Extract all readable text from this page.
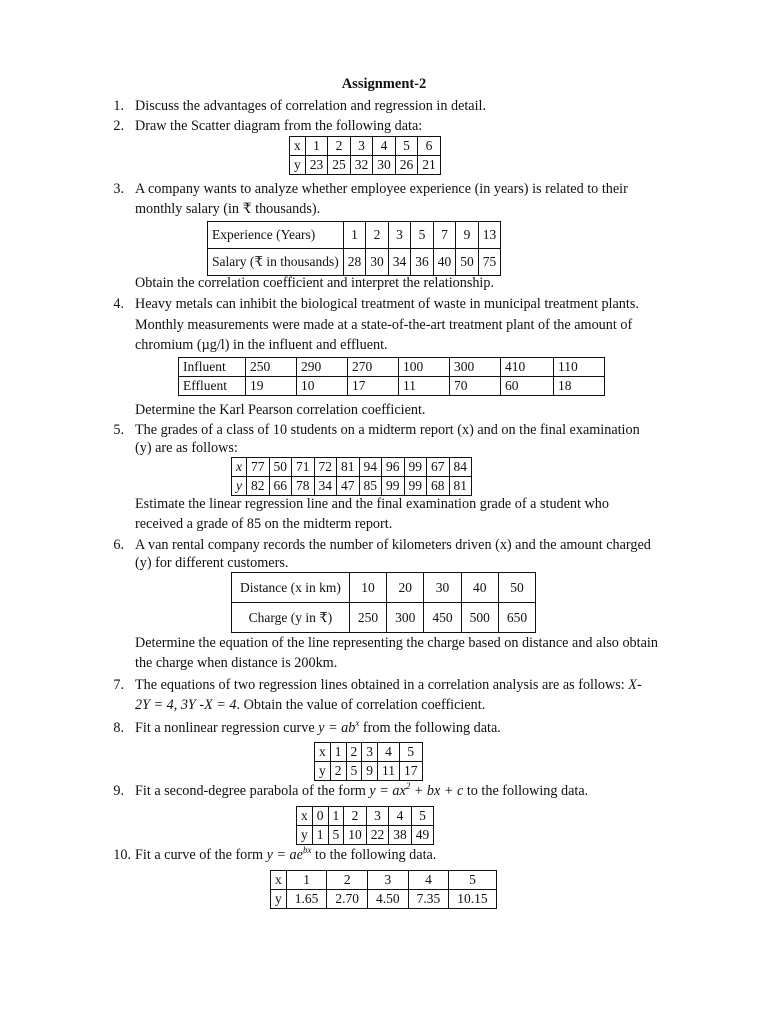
Assignment-2
1. Discuss the advantages of correlation and regression in detail.
2. Draw the Scatter diagram from the following data:
x	1	2	3	4	5	6
y	23	25	32	30	26	21
3. A company wants to analyze whether employee experience (in years) is related to their
monthly salary (in ₹ thousands).
Experience (Years)	1	2	3	5	7	9	13
Salary (₹ in thousands)	28	30	34	36	40	50	75
Obtain the correlation coefficient and interpret the relationship.
4. Heavy metals can inhibit the biological treatment of waste in municipal treatment plants.
Monthly measurements were made at a state-of-the-art treatment plant of the amount of
chromium (µg/l) in the influent and effluent.
Influent	250	290	270	100	300	410	110
Effluent	19	10	17	11	70	60	18
Determine the Karl Pearson correlation coefficient.
5. The grades of a class of 10 students on a midterm report (x) and on the final examination
(y) are as follows:
x	77	50	71	72	81	94	96	99	67	84
y	82	66	78	34	47	85	99	99	68	81
Estimate the linear regression line and the final examination grade of a student who
received a grade of 85 on the midterm report.
6. A van rental company records the number of kilometers driven (x) and the amount charged
(y) for different customers.
Distance (x in km)	10	20	30	40	50
Charge (y in ₹)	250	300	450	500	650
Determine the equation of the line representing the charge based on distance and also obtain
the charge when distance is 200km.
7. The equations of two regression lines obtained in a correlation analysis are as follows: X-
2Y = 4, 3Y -X = 4. Obtain the value of correlation coefficient.
8. Fit a nonlinear regression curve $y = ab^x$ from the following data.
x	1	2	3	4	5
y	2	5	9	11	17
9. Fit a second-degree parabola of the form $y = ax^2$ + bx + c to the following data.
x	0	1	2	3	4	5
y	1	5	10	22	38	49
10. Fit a curve of the form $y = ae^{bx}$ to the following data.
x	1	2	3	4	5
y	1.65	2.70	4.50	7.35	10.15
